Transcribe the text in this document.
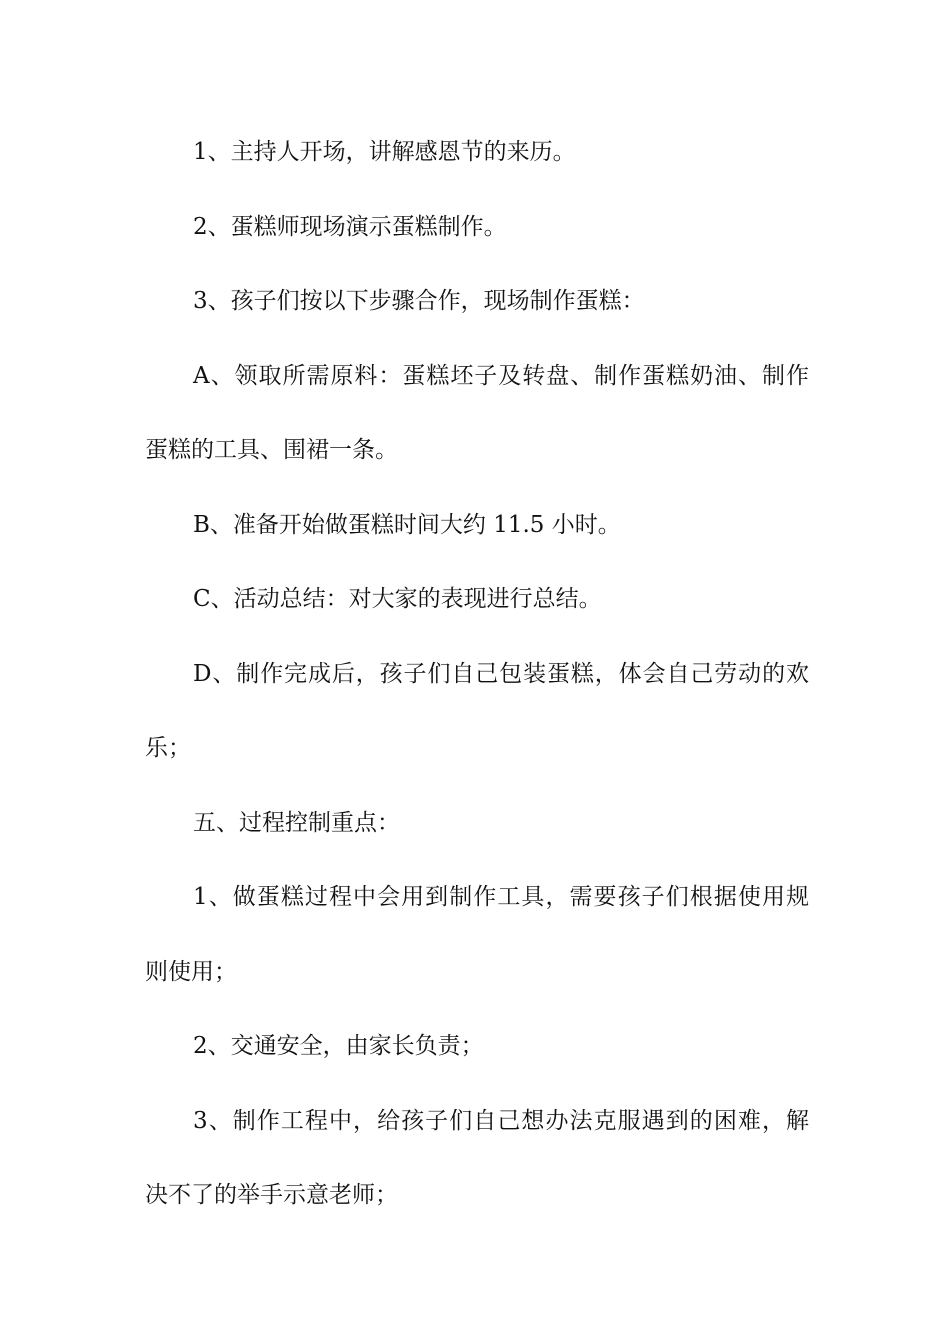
1、主持人开场，讲解感恩节的来历。
2、蛋糕师现场演示蛋糕制作。
3、孩子们按以下步骤合作，现场制作蛋糕：
A、领取所需原料：蛋糕坯子及转盘、制作蛋糕奶油、制作
蛋糕的工具、围裙一条。
B、准备开始做蛋糕时间大约 11.5 小时。
C、活动总结：对大家的表现进行总结。
D、制作完成后，孩子们自己包装蛋糕，体会自己劳动的欢
乐；
五、过程控制重点：
1、做蛋糕过程中会用到制作工具，需要孩子们根据使用规
则使用；
2、交通安全，由家长负责；
3、制作工程中，给孩子们自己想办法克服遇到的困难，解
决不了的举手示意老师；
